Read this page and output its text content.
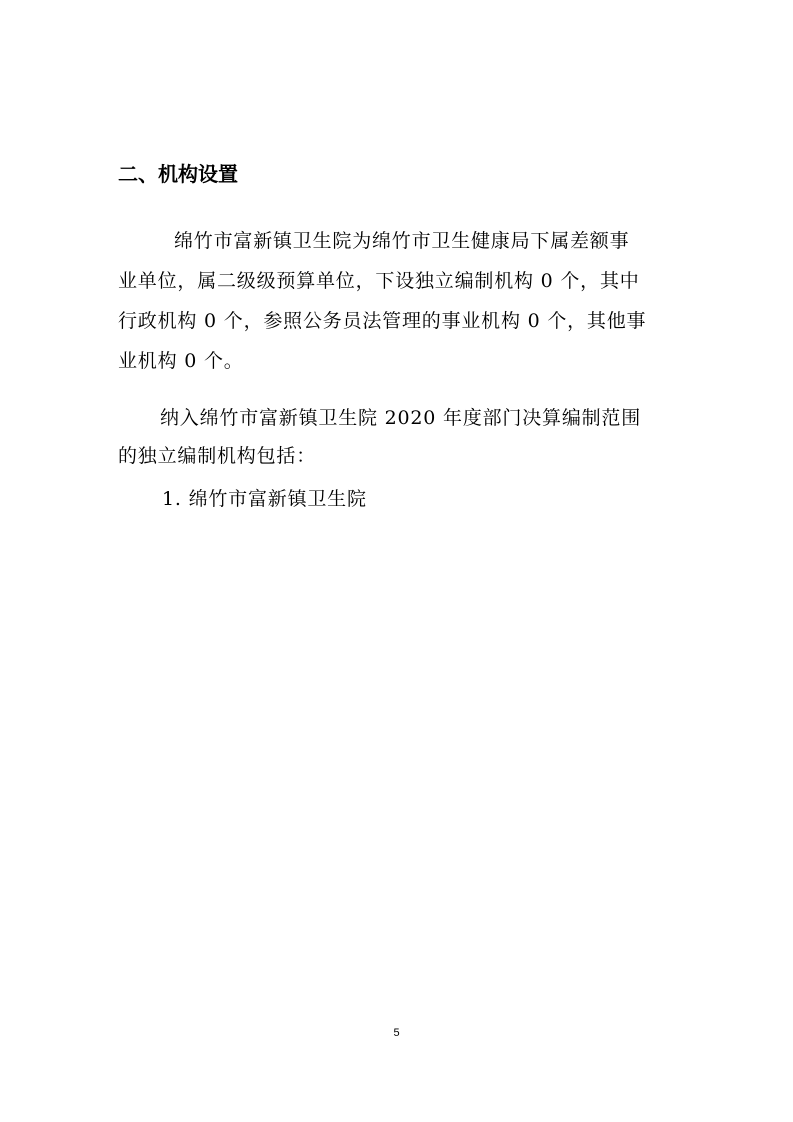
二、机构设置
绵竹市富新镇卫生院为绵竹市卫生健康局下属差额事
业单位，属二级级预算单位，下设独立编制机构 0 个，其中
行政机构 0 个，参照公务员法管理的事业机构 0 个，其他事
业机构 0 个。
纳入绵竹市富新镇卫生院 2020 年度部门决算编制范围
的独立编制机构包括：
1. 绵竹市富新镇卫生院
5
